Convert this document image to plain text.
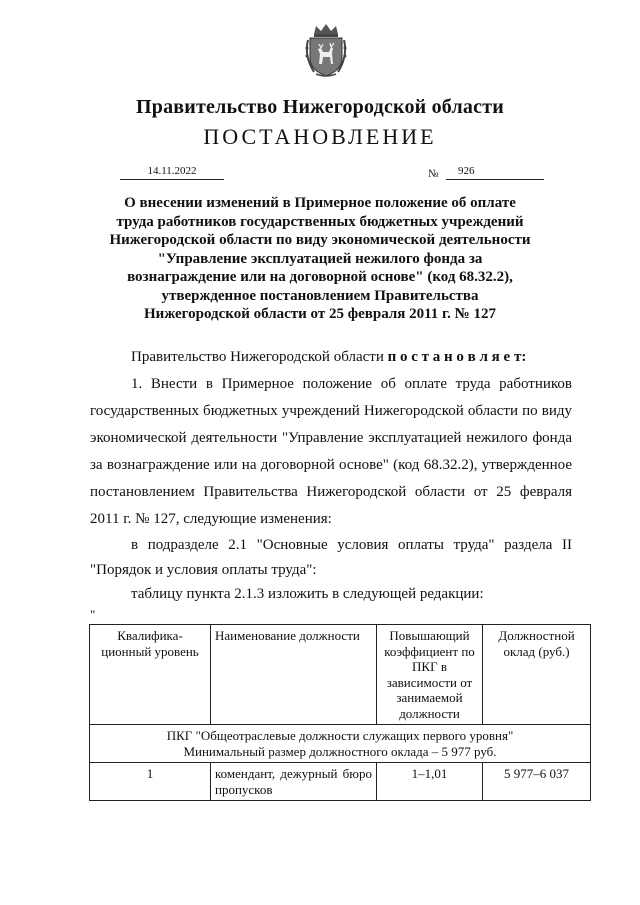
Правительство Нижегородской области
ПОСТАНОВЛЕНИЕ
14.11.2022	№	926
О внесении изменений в Примерное положение об оплате
труда работников государственных бюджетных учреждений
Нижегородской области по виду экономической деятельности
"Управление эксплуатацией нежилого фонда за
вознаграждение или на договорной основе" (код 68.32.2),
утвержденное постановлением Правительства
Нижегородской области от 25 февраля 2011 г. № 127
Правительство Нижегородской области п о с т а н о в л я е т:
1. Внести в Примерное положение об оплате труда работников
государственных бюджетных учреждений Нижегородской области по виду
экономической деятельности "Управление эксплуатацией нежилого фонда
за вознаграждение или на договорной основе" (код 68.32.2), утвержденное
постановлением Правительства Нижегородской области от 25 февраля
2011 г. № 127, следующие изменения:
в подразделе 2.1 "Основные условия оплаты труда" раздела II
"Порядок и условия оплаты труда":
таблицу пункта 2.1.3 изложить в следующей редакции:
"
Квалифика-ционный уровень	Наименование должности	Повышающий коэффициент по ПКГ в зависимости от занимаемой должности	Должностной оклад (руб.)

ПКГ "Общеотраслевые должности служащих первого уровня"
Минимальный размер должностного оклада – 5 977 руб.			

1	комендант, дежурный бюро пропусков	1–1,01	5 977–6 037
